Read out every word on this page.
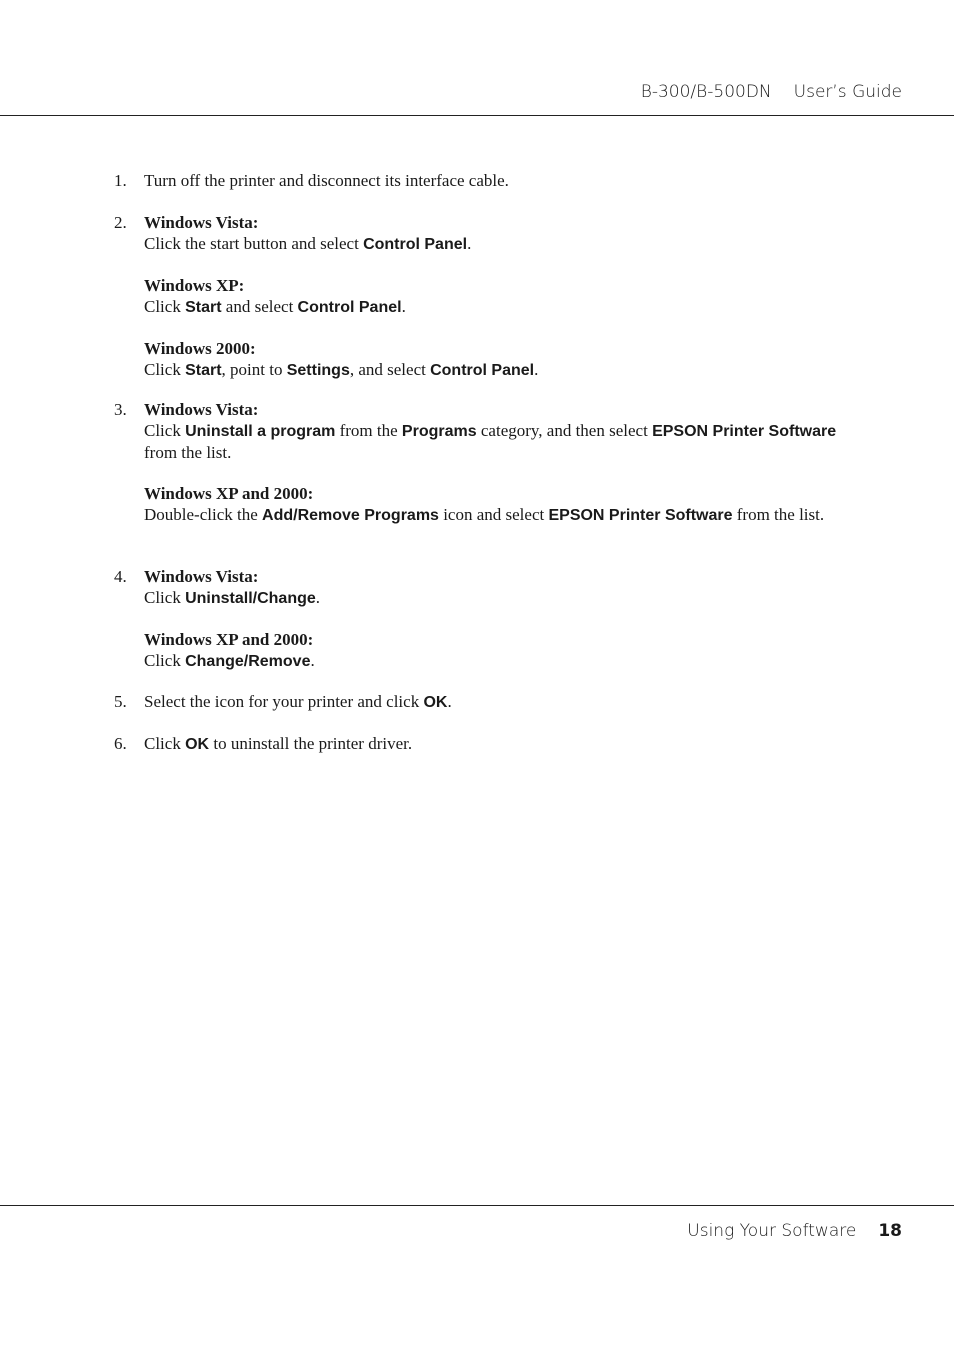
B-300/B-500DN User’s Guide
1. Turn off the printer and disconnect its interface cable.
2. Windows Vista:
Click the start button and select Control Panel.
Windows XP:
Click Start and select Control Panel.
Windows 2000:
Click Start, point to Settings, and select Control Panel.
3. Windows Vista:
Click Uninstall a program from the Programs category, and then select EPSON Printer Software from the list.
Windows XP and 2000:
Double-click the Add/Remove Programs icon and select EPSON Printer Software from the list.
4. Windows Vista:
Click Uninstall/Change.
Windows XP and 2000:
Click Change/Remove.
5. Select the icon for your printer and click OK.
6. Click OK to uninstall the printer driver.
Using Your Software 18
